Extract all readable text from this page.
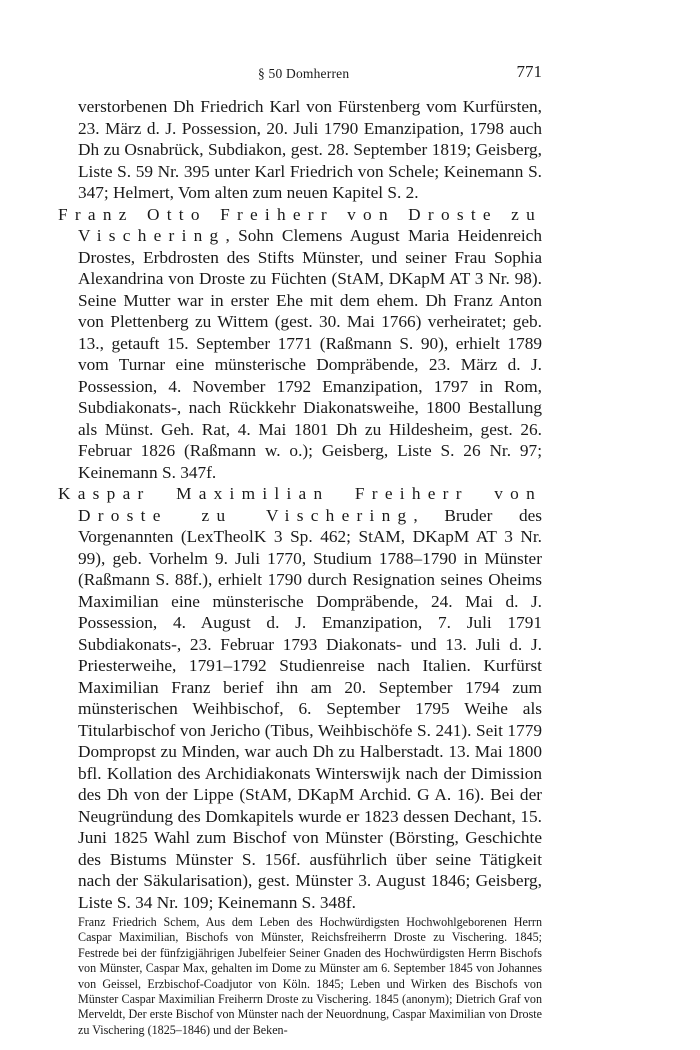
§ 50 Domherren	771

verstorbenen Dh Friedrich Karl von Fürstenberg vom Kurfürsten, 23. März d. J. Possession, 20. Juli 1790 Emanzipation, 1798 auch Dh zu Osnabrück, Subdiakon, gest. 28. September 1819; Geisberg, Liste S. 59 Nr. 395 unter Karl Friedrich von Schele; Keinemann S. 347; Helmert, Vom alten zum neuen Kapitel S. 2.

Franz Otto Freiherr von Droste zu Vischering, Sohn Clemens August Maria Heidenreich Drostes, Erbdrosten des Stifts Münster, und seiner Frau Sophia Alexandrina von Droste zu Füchten (StAM, DKapM AT 3 Nr. 98). Seine Mutter war in erster Ehe mit dem ehem. Dh Franz Anton von Plettenberg zu Wittem (gest. 30. Mai 1766) verheiratet; geb. 13., getauft 15. September 1771 (Raßmann S. 90), erhielt 1789 vom Turnar eine münsterische Dompräbende, 23. März d. J. Possession, 4. November 1792 Emanzipation, 1797 in Rom, Subdiakonats-, nach Rückkehr Diakonatsweihe, 1800 Bestallung als Münst. Geh. Rat, 4. Mai 1801 Dh zu Hildesheim, gest. 26. Februar 1826 (Raßmann w. o.); Geisberg, Liste S. 26 Nr. 97; Keinemann S. 347f.

Kaspar Maximilian Freiherr von Droste zu Vischering, Bruder des Vorgenannten (LexTheolK 3 Sp. 462; StAM, DKapM AT 3 Nr. 99), geb. Vorhelm 9. Juli 1770, Studium 1788–1790 in Münster (Raßmann S. 88f.), erhielt 1790 durch Resignation seines Oheims Maximilian eine münsterische Dompräbende, 24. Mai d. J. Possession, 4. August d. J. Emanzipation, 7. Juli 1791 Subdiakonats-, 23. Februar 1793 Diakonats- und 13. Juli d. J. Priesterweihe, 1791–1792 Studienreise nach Italien. Kurfürst Maximilian Franz berief ihn am 20. September 1794 zum münsterischen Weihbischof, 6. September 1795 Weihe als Titularbischof von Jericho (Tibus, Weihbischöfe S. 241). Seit 1779 Dompropst zu Minden, war auch Dh zu Halberstadt. 13. Mai 1800 bfl. Kollation des Archidiakonats Winterswijk nach der Dimission des Dh von der Lippe (StAM, DKapM Archid. G A. 16). Bei der Neugründung des Domkapitels wurde er 1823 dessen Dechant, 15. Juni 1825 Wahl zum Bischof von Münster (Börsting, Geschichte des Bistums Münster S. 156f. ausführlich über seine Tätigkeit nach der Säkularisation), gest. Münster 3. August 1846; Geisberg, Liste S. 34 Nr. 109; Keinemann S. 348f.

Franz Friedrich Schem, Aus dem Leben des Hochwürdigsten Hochwohlgeborenen Herrn Caspar Maximilian, Bischofs von Münster, Reichsfreiherrn Droste zu Vischering. 1845; Festrede bei der fünfzigjährigen Jubelfeier Seiner Gnaden des Hochwürdigsten Herrn Bischofs von Münster, Caspar Max, gehalten im Dome zu Münster am 6. September 1845 von Johannes von Geissel, Erzbischof-Coadjutor von Köln. 1845; Leben und Wirken des Bischofs von Münster Caspar Maximilian Freiherrn Droste zu Vischering. 1845 (anonym); Dietrich Graf von Merveldt, Der erste Bischof von Münster nach der Neuordnung, Caspar Maximilian von Droste zu Vischering (1825–1846) und der Beken-
